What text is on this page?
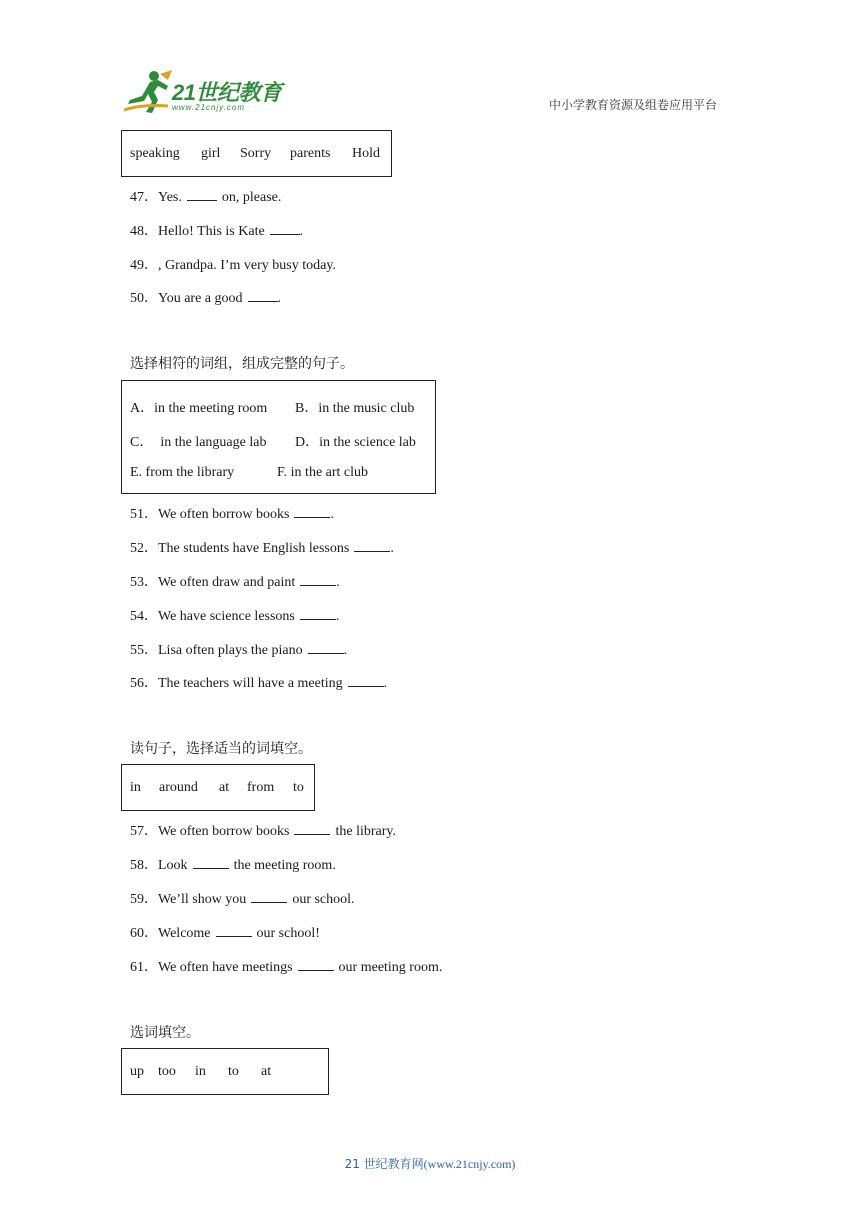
21世纪教育
www.21cnjy.com	中小学教育资源及组卷应用平台
speaking girl Sorry parents Hold
47．Yes.	on, please.
48．Hello! This is Kate	.
49．, Grandpa. I’m very busy today.
50．You are a good	.
选择相符的词组，组成完整的句子。
A．in the meeting room B．in the music club
C．  in the language lab D．in the science lab
E. from the library	F. in the art club
51．We often borrow books	.
52．The students have English lessons	.
53．We often draw and paint	.
54．We have science lessons	.
55．Lisa often plays the piano	.
56．The teachers will have a meeting	.
读句子，选择适当的词填空。
in around at from to
57．We often borrow books	the library.
58．Look	the meeting room.
59．We’ll show you	our school.
60．Welcome	our school!
61．We often have meetings	our meeting room.
选词填空。
up too in to at
21 世纪教育网(www.21cnjy.com)
